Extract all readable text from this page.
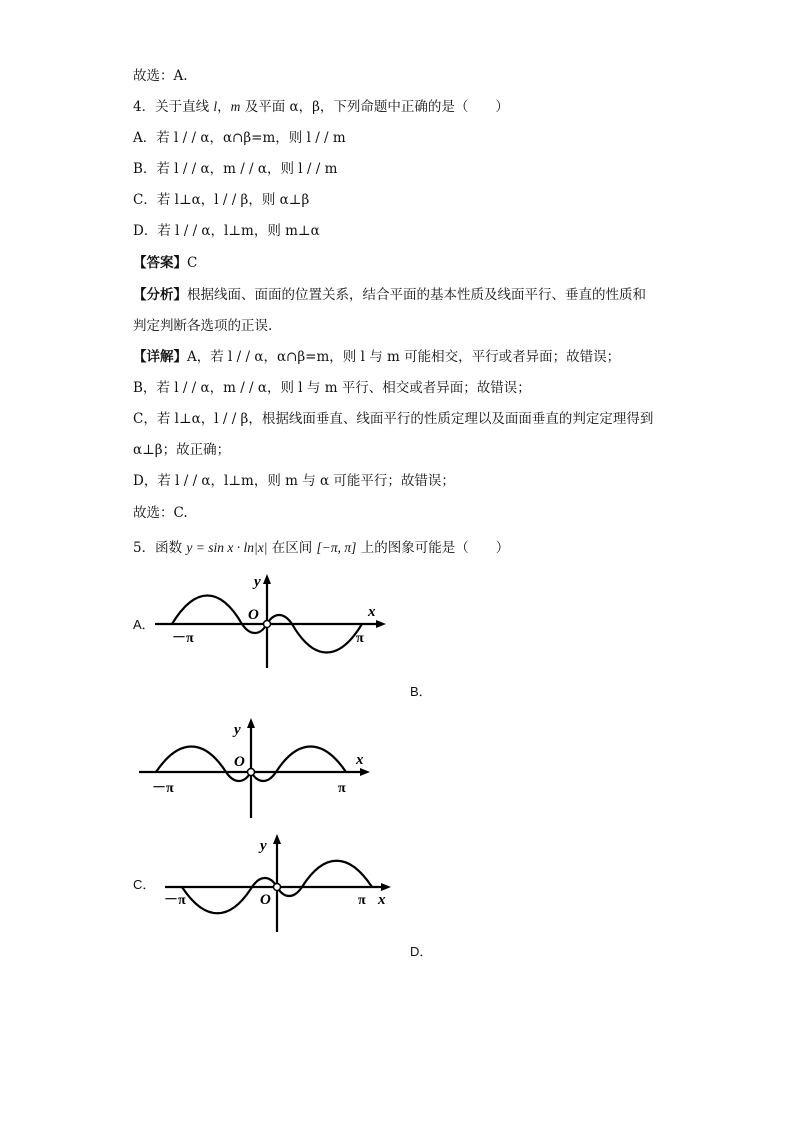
故选：A.
4．关于直线 l，m 及平面 α，β，下列命题中正确的是（　　）
A．若 l / / α，α∩β=m，则 l / / m
B．若 l / / α，m / / α，则 l / / m
C．若 l⊥α，l / / β，则 α⊥β
D．若 l / / α，l⊥m，则 m⊥α
【答案】C
【分析】根据线面、面面的位置关系，结合平面的基本性质及线面平行、垂直的性质和
判定判断各选项的正误.
【详解】A，若 l / / α，α∩β=m，则 l 与 m 可能相交，平行或者异面；故错误；
B，若 l / / α，m / / α，则 l 与 m 平行、相交或者异面；故错误；
C，若 l⊥α，l / / β，根据线面垂直、线面平行的性质定理以及面面垂直的判定定理得到
α⊥β；故正确；
D，若 l / / α，l⊥m，则 m 与 α 可能平行；故错误；
故选：C.
5．函数 y = sin x · ln|x| 在区间 [−π, π] 上的图象可能是（　　）
A．
B．
C．
D．
y
O	x
－π	π
y
O	x
－π	π
y
O	x
－π	π
